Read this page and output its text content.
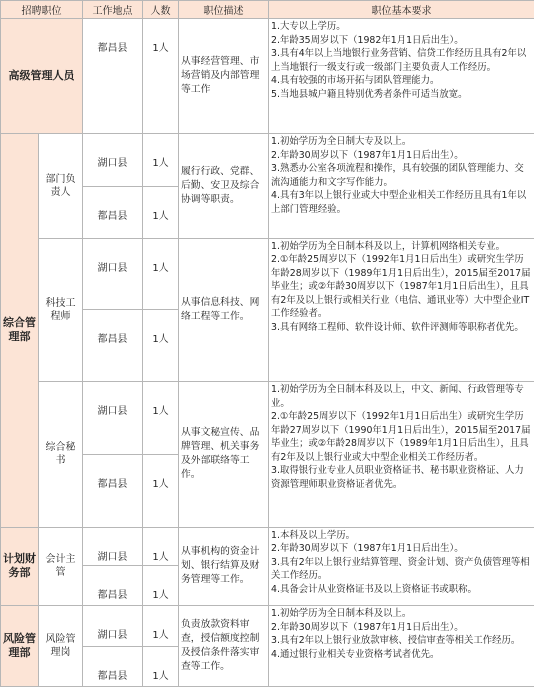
招聘职位		工作地点	人数	职位描述	职位基本要求
高级管理人员		都昌县	1人	从事经营管理、市场营销及内部管理等工作	1.大专以上学历。
2.年龄35周岁以下（1982年1月1日后出生）。
3.具有4年以上当地银行业务营销、信贷工作经历且具有2年以上当地银行一级支行或一级部门主要负责人工作经历。
4.具有较强的市场开拓与团队管理能力。
5.当地县城户籍且特别优秀者条件可适当放宽。

综合管理部	部门负责人	湖口县	1人	履行行政、党群、后勤、安卫及综合协调等职责。	1.初始学历为全日制大专及以上。
2.年龄30周岁以下（1987年1月1日后出生）。
3.熟悉办公室各项流程和操作，具有较强的团队管理能力、交流沟通能力和文字写作能力。
4.具有3年以上银行业或大中型企业相关工作经历且具有1年以上部门管理经验。

		都昌县	1人		
	科技工程师	湖口县	1人	从事信息科技、网络工程等工作。	1.初始学历为全日制本科及以上，计算机网络相关专业。
2.①年龄25周岁以下（1992年1月1日后出生）或研究生学历年龄28周岁以下（1989年1月1日后出生），2015届至2017届毕业生；或②年龄30周岁以下（1987年1月1日后出生），且具有2年及以上银行或相关行业（电信、通讯业等）大中型企业IT工作经验者。
3.具有网络工程师、软件设计师、软件评测师等职称者优先。

		都昌县	1人		
	综合秘书	湖口县	1人	从事文秘宣传、品牌管理、机关事务及外部联络等工作。	1.初始学历为全日制本科及以上，中文、新闻、行政管理等专业。
2.①年龄25周岁以下（1992年1月1日后出生）或研究生学历年龄27周岁以下（1990年1月1日后出生），2015届至2017届毕业生；或②年龄28周岁以下（1989年1月1日后出生），且具有2年及以上银行业或大中型企业相关工作经历者。
3.取得银行业专业人员职业资格证书、秘书职业资格证、人力资源管理师职业资格证者优先。

		都昌县	1人		
计划财务部	会计主管	湖口县	1人	从事机构的资金计划、银行结算及财务管理等工作。	1.本科及以上学历。
2.年龄30周岁以下（1987年1月1日后出生）。
3.具有2年以上银行业结算管理、资金计划、资产负债管理等相关工作经历。
4.具备会计从业资格证书及以上资格证书或职称。

		都昌县	1人		
风险管理部	风险管理岗	湖口县	1人	负责放款资料审查，授信额度控制及授信条件落实审查等工作。	1.初始学历为全日制本科及以上。
2.年龄30周岁以下（1987年1月1日后出生）。
3.具有2年以上银行业放款审核、授信审查等相关工作经历。
4.通过银行业相关专业资格考试者优先。

		都昌县	1人		
